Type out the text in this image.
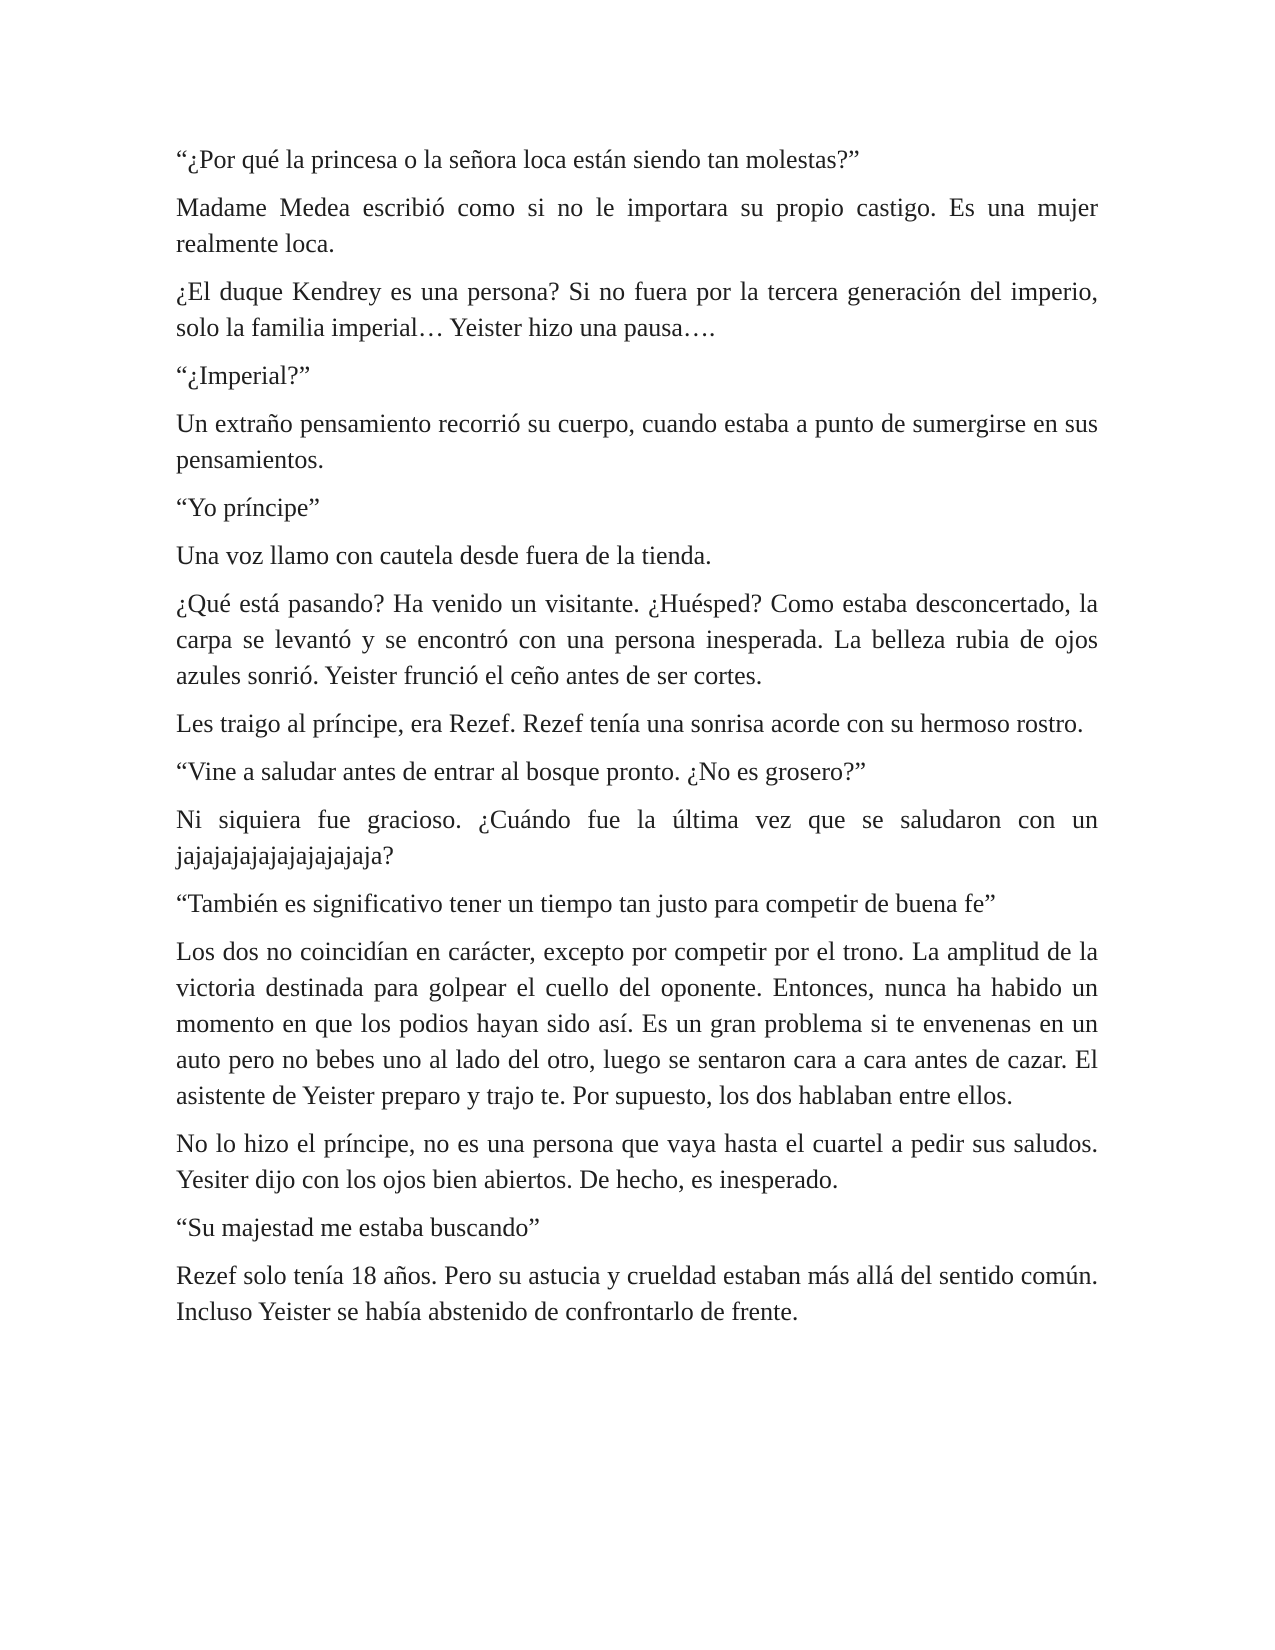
“¿Por qué la princesa o la señora loca están siendo tan molestas?”

Madame Medea escribió como si no le importara su propio castigo. Es una mujer realmente loca.

¿El duque Kendrey es una persona? Si no fuera por la tercera generación del imperio, solo la familia imperial… Yeister hizo una pausa….

“¿Imperial?”

Un extraño pensamiento recorrió su cuerpo, cuando estaba a punto de sumergirse en sus pensamientos.

“Yo príncipe”

Una voz llamo con cautela desde fuera de la tienda.

¿Qué está pasando? Ha venido un visitante. ¿Huésped? Como estaba desconcertado, la carpa se levantó y se encontró con una persona inesperada. La belleza rubia de ojos azules sonrió. Yeister frunció el ceño antes de ser cortes.

Les traigo al príncipe, era Rezef. Rezef tenía una sonrisa acorde con su hermoso rostro.

“Vine a saludar antes de entrar al bosque pronto. ¿No es grosero?”

Ni siquiera fue gracioso. ¿Cuándo fue la última vez que se saludaron con un jajajajajajajajajajaja?

“También es significativo tener un tiempo tan justo para competir de buena fe”

Los dos no coincidían en carácter, excepto por competir por el trono. La amplitud de la victoria destinada para golpear el cuello del oponente. Entonces, nunca ha habido un momento en que los podios hayan sido así. Es un gran problema si te envenenas en un auto pero no bebes uno al lado del otro, luego se sentaron cara a cara antes de cazar. El asistente de Yeister preparo y trajo te. Por supuesto, los dos hablaban entre ellos.

No lo hizo el príncipe, no es una persona que vaya hasta el cuartel a pedir sus saludos. Yesiter dijo con los ojos bien abiertos. De hecho, es inesperado.

“Su majestad me estaba buscando”

Rezef solo tenía 18 años. Pero su astucia y crueldad estaban más allá del sentido común. Incluso Yeister se había abstenido de confrontarlo de frente.
